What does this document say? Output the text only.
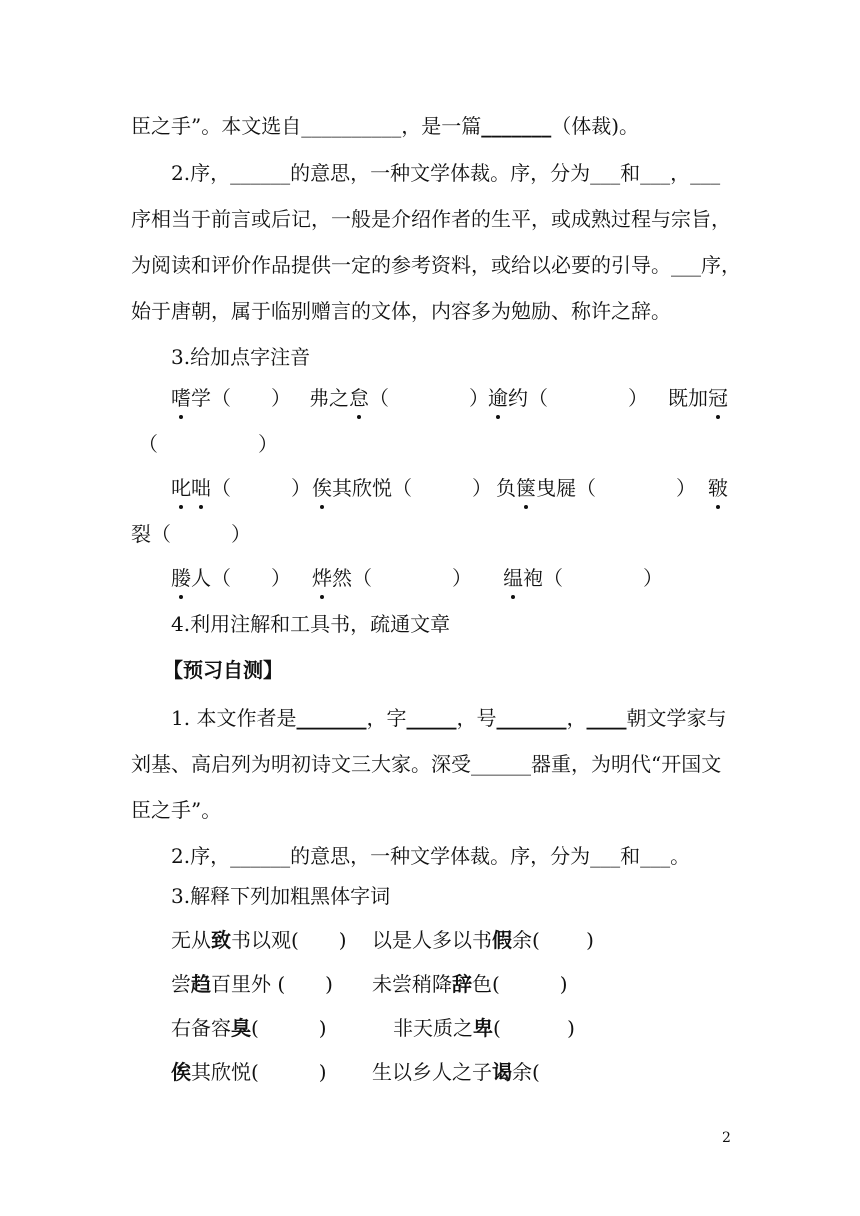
臣之手”。本文选自__________，是一篇_______（体裁)。
2.序，______的意思，一种文学体裁。序，分为___和___，___
序相当于前言或后记，一般是介绍作者的生平，或成熟过程与宗旨，
为阅读和评价作品提供一定的参考资料，或给以必要的引导。___序，
始于唐朝，属于临别赠言的文体，内容多为勉励、称许之辞。
3.给加点字注音
嗜学（　　） 弗之怠（　　　　） 逾约（　　　　） 既加冠
（　　　　　）
叱咄（　　　） 俟其欣悦（　　　） 负箧曳屣（　　　　） 皲
裂（　　　）
媵人（　　） 烨然（　　　　） 缊袍（　　　　）
4.利用注解和工具书，疏通文章
【预习自测】
1. 本文作者是_______，字_____，号_______，____朝文学家与
刘基、高启列为明初诗文三大家。深受______器重，为明代“开国文
臣之手”。
2.序，______的意思，一种文学体裁。序，分为___和___。
3.解释下列加粗黑体字词
无从致书以观(　　) 以是人多以书假余(　　 )
尝趋百里外 (　　) 未尝稍降辞色(　　　)
右备容臭(　　　)	非天质之卑(　　　 )
俟其欣悦(　　　) 生以乡人之子谒余(
2
